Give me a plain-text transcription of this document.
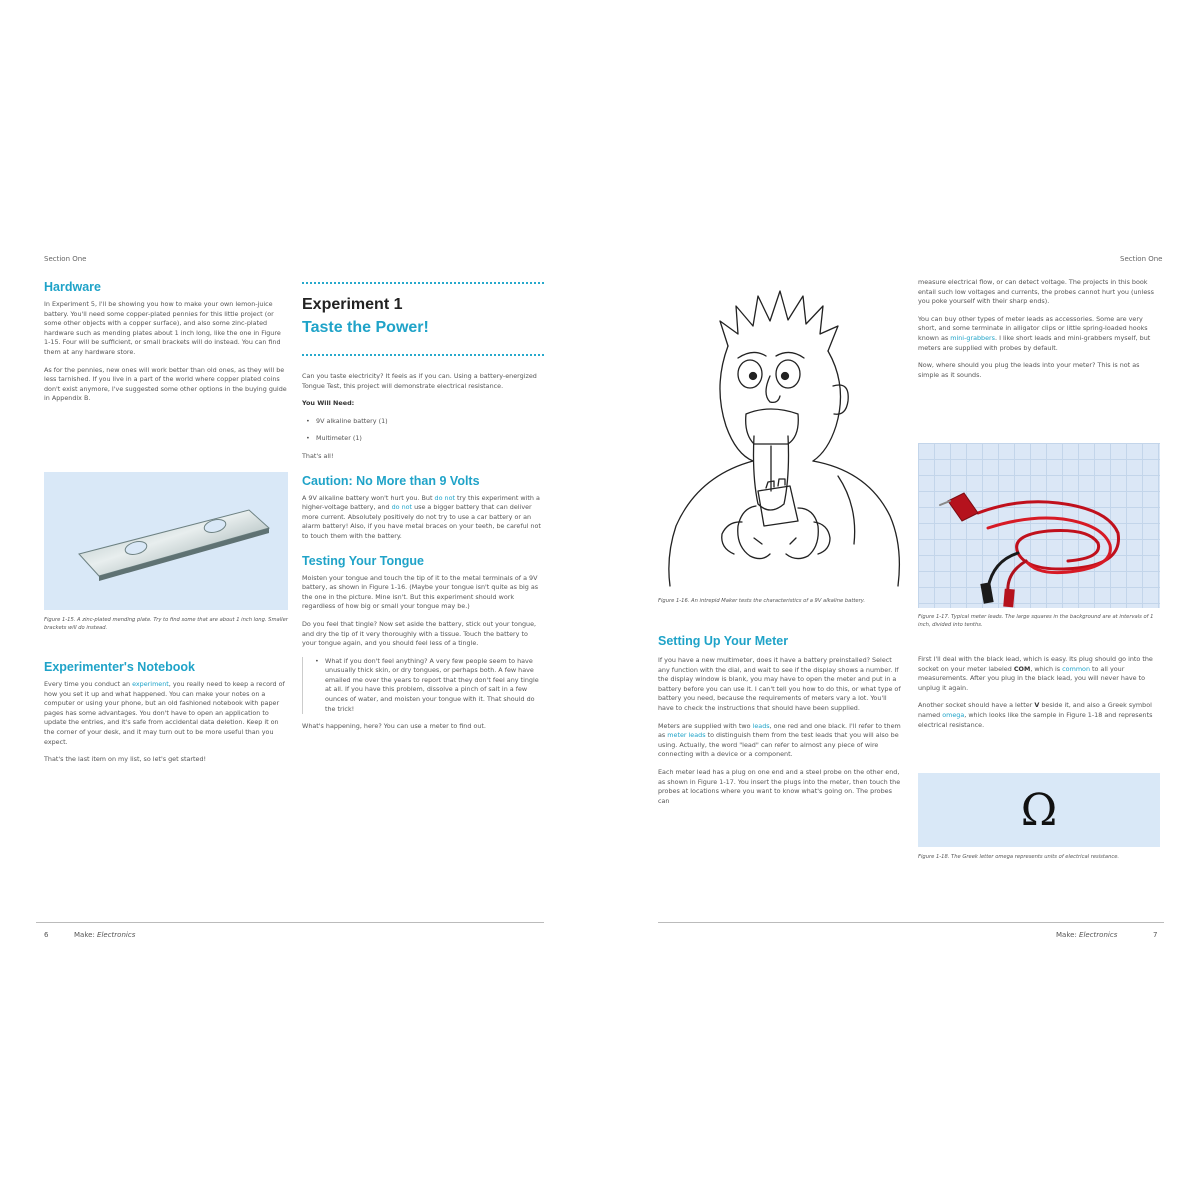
Section One
Hardware

In Experiment 5, I'll be showing you how to make your own lemon-juice battery. You'll need some copper-plated pennies for this little project (or some other objects with a copper surface), and also some zinc-plated hardware such as mending plates about 1 inch long, like the one in Figure 1-15. Four will be sufficient, or small brackets will do instead. You can find them at any hardware store.

As for the pennies, new ones will work better than old ones, as they will be less tarnished. If you live in a part of the world where copper plated coins don't exist anymore, I've suggested some other options in the buying guide in Appendix B.

Figure 1-15. A zinc-plated mending plate. Try to find some that are about 1 inch long. Smaller brackets will do instead.
Experimenter's Notebook

Every time you conduct an experiment, you really need to keep a record of how you set it up and what happened. You can make your notes on a computer or using your phone, but an old fashioned notebook with paper pages has some advantages. You don't have to open an application to update the entries, and it's safe from accidental data deletion. Keep it on the corner of your desk, and it may turn out to be more useful than you expect.

That's the last item on my list, so let's get started!

Experiment 1
Taste the Power!

Can you taste electricity? It feels as if you can. Using a battery-energized Tongue Test, this project will demonstrate electrical resistance.

You Will Need:

• 9V alkaline battery (1)

• Multimeter (1)

That's all!

Caution: No More than 9 Volts

A 9V alkaline battery won't hurt you. But do not try this experiment with a higher-voltage battery, and do not use a bigger battery that can deliver more current. Absolutely positively do not try to use a car battery or an alarm battery! Also, if you have metal braces on your teeth, be careful not to touch them with the battery.

Testing Your Tongue

Moisten your tongue and touch the tip of it to the metal terminals of a 9V battery, as shown in Figure 1-16. (Maybe your tongue isn't quite as big as the one in the picture. Mine isn't. But this experiment should work regardless of how big or small your tongue may be.)

Do you feel that tingle? Now set aside the battery, stick out your tongue, and dry the tip of it very thoroughly with a tissue. Touch the battery to your tongue again, and you should feel less of a tingle.

• What if you don't feel anything? A very few people seem to have unusually thick skin, or dry tongues, or perhaps both. A few have emailed me over the years to report that they don't feel any tingle at all. If you have this problem, dissolve a pinch of salt in a few ounces of water, and moisten your tongue with it. That should do the trick!

What's happening, here? You can use a meter to find out.

6	Make: Electronics
Section One
Figure 1-16. An intrepid Maker tests the characteristics of a 9V alkaline battery.
Setting Up Your Meter

If you have a new multimeter, does it have a battery preinstalled? Select any function with the dial, and wait to see if the display shows a number. If the display window is blank, you may have to open the meter and put in a battery before you can use it. I can't tell you how to do this, or what type of battery you need, because the requirements of meters vary a lot. You'll have to check the instructions that should have been supplied.

Meters are supplied with two leads, one red and one black. I'll refer to them as meter leads to distinguish them from the test leads that you will also be using. Actually, the word "lead" can refer to almost any piece of wire connecting with a device or a component.

Each meter lead has a plug on one end and a steel probe on the other end, as shown in Figure 1-17. You insert the plugs into the meter, then touch the probes at locations where you want to know what's going on. The probes can

measure electrical flow, or can detect voltage. The projects in this book entail such low voltages and currents, the probes cannot hurt you (unless you poke yourself with their sharp ends).

You can buy other types of meter leads as accessories. Some are very short, and some terminate in alligator clips or little spring-loaded hooks known as mini-grabbers. I like short leads and mini-grabbers myself, but meters are supplied with probes by default.

Now, where should you plug the leads into your meter? This is not as simple as it sounds.

Figure 1-17. Typical meter leads. The large squares in the background are at intervals of 1 inch, divided into tenths.

First I'll deal with the black lead, which is easy. Its plug should go into the socket on your meter labeled COM, which is common to all your measurements. After you plug in the black lead, you will never have to unplug it again.

Another socket should have a letter V beside it, and also a Greek symbol named omega, which looks like the sample in Figure 1-18 and represents electrical resistance.

Ω
Figure 1-18. The Greek letter omega represents units of electrical resistance.
Make: Electronics	7
